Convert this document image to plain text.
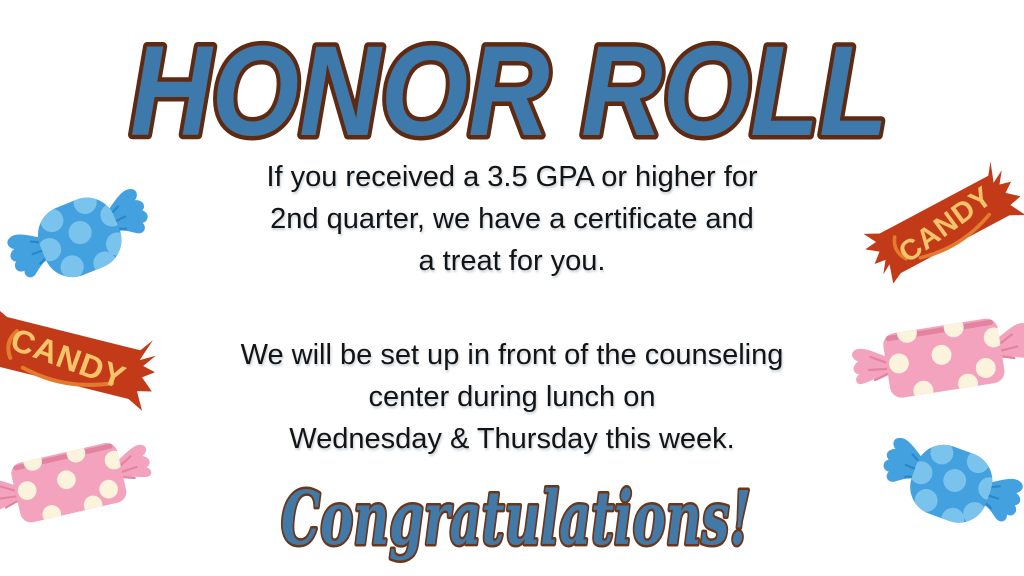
HONOR ROLL
If you received a 3.5 GPA or higher for
2nd quarter, we have a certificate and
a treat for you.
We will be set up in front of the counseling
center during lunch on
Wednesday & Thursday this week.
Congratulations!
CANDY
CANDY
